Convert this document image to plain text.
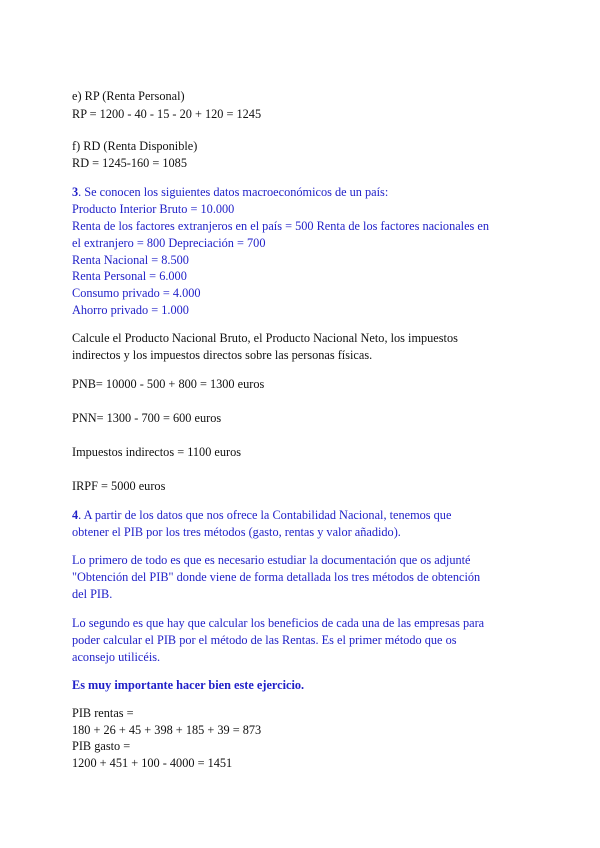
e) RP (Renta Personal)
RP = 1200 - 40 - 15 - 20 + 120 = 1245
f) RD (Renta Disponible)
RD = 1245-160 = 1085
3. Se conocen los siguientes datos macroeconómicos de un país:
Producto Interior Bruto = 10.000
Renta de los factores extranjeros en el país = 500 Renta de los factores nacionales en
el extranjero = 800 Depreciación = 700
Renta Nacional = 8.500
Renta Personal = 6.000
Consumo privado = 4.000
Ahorro privado = 1.000
Calcule el Producto Nacional Bruto, el Producto Nacional Neto, los impuestos
indirectos y los impuestos directos sobre las personas físicas.
PNB= 10000 - 500 + 800 = 1300 euros
PNN= 1300 - 700 = 600 euros
Impuestos indirectos = 1100 euros
IRPF = 5000 euros
4. A partir de los datos que nos ofrece la Contabilidad Nacional, tenemos que
obtener el PIB por los tres métodos (gasto, rentas y valor añadido).
Lo primero de todo es que es necesario estudiar la documentación que os adjunté
"Obtención del PIB" donde viene de forma detallada los tres métodos de obtención
del PIB.
Lo segundo es que hay que calcular los beneficios de cada una de las empresas para
poder calcular el PIB por el método de las Rentas. Es el primer método que os
aconsejo utilicéis.
Es muy importante hacer bien este ejercicio.
PIB rentas =
180 + 26 + 45 + 398 + 185 + 39 = 873
PIB gasto =
1200 + 451 + 100 - 4000 = 1451
